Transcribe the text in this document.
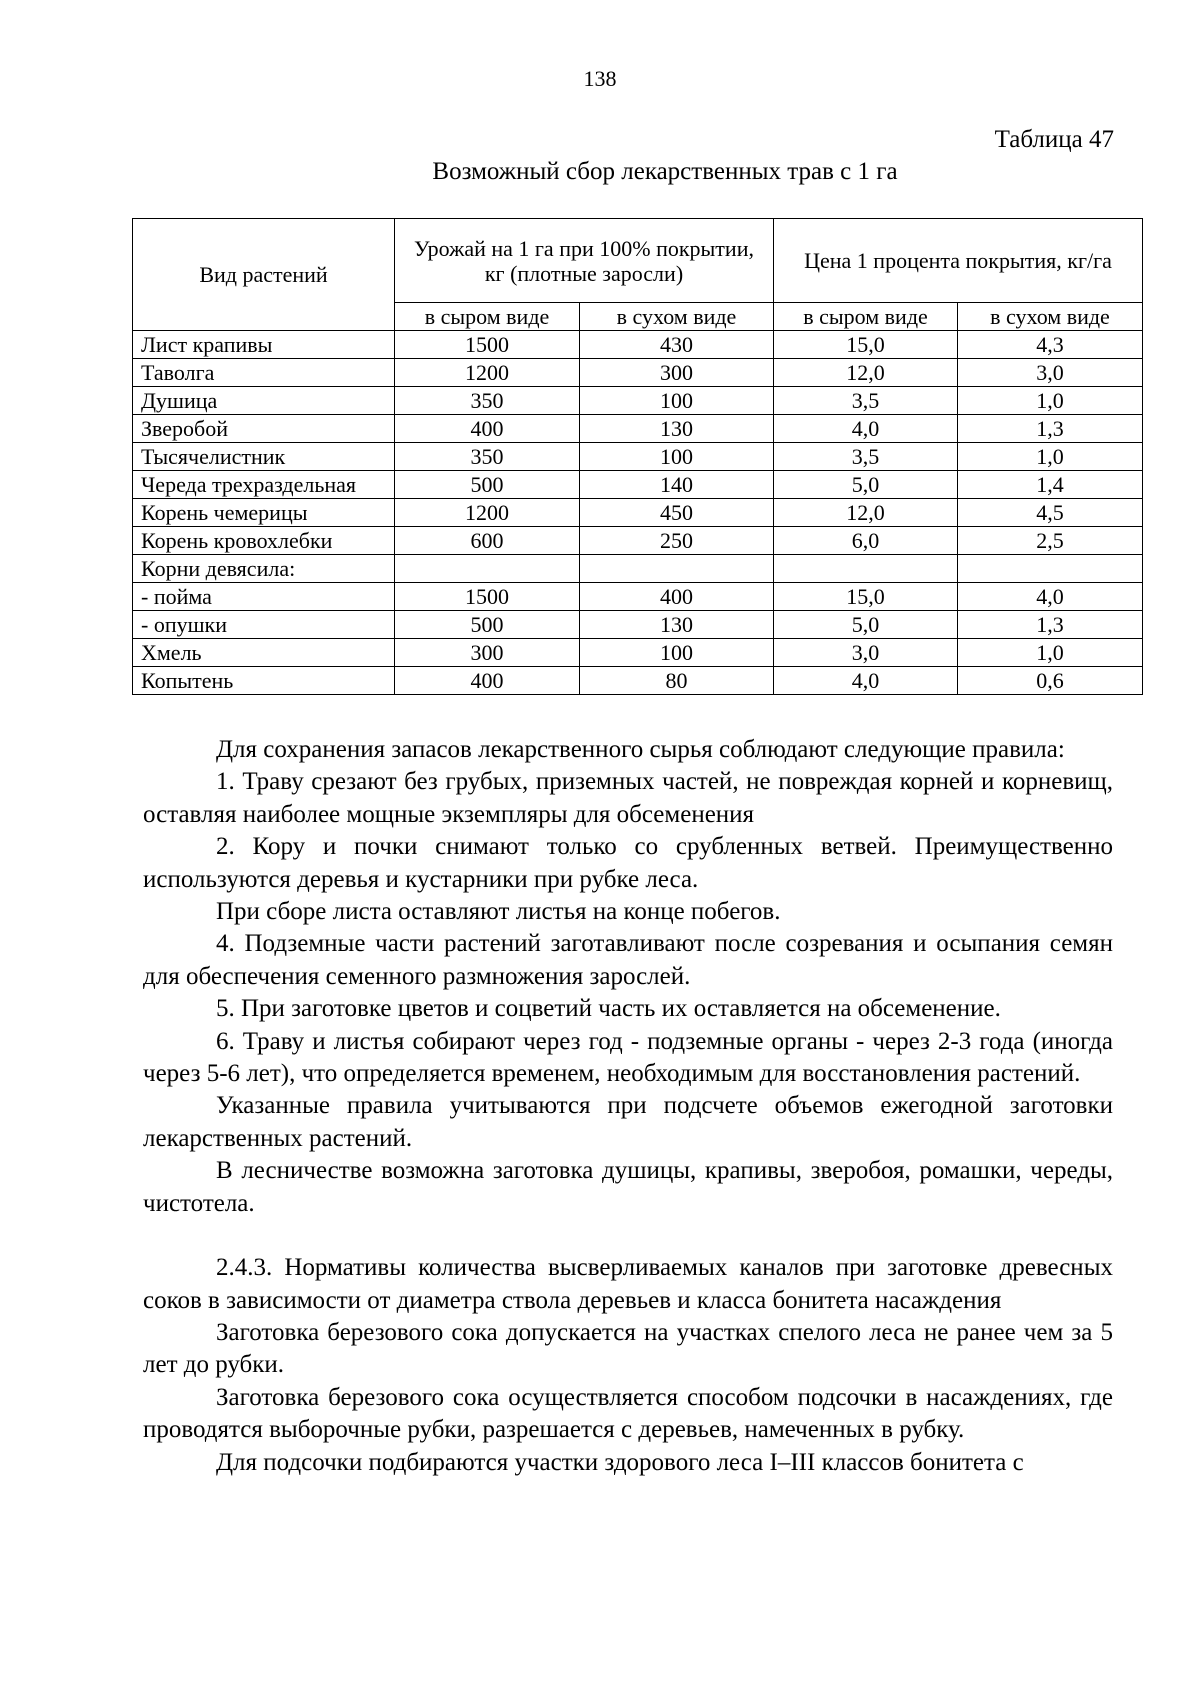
138
Таблица 47
Возможный сбор лекарственных трав с 1 га
Вид растений	Урожай на 1 га при 100% покрытии, кг (плотные заросли)		Цена 1 процента покрытия, кг/га	
	в сыром виде	в сухом виде	в сыром виде	в сухом виде
Лист крапивы	1500	430	15,0	4,3
Таволга	1200	300	12,0	3,0
Душица	350	100	3,5	1,0
Зверобой	400	130	4,0	1,3
Тысячелистник	350	100	3,5	1,0
Череда трехраздельная	500	140	5,0	1,4
Корень чемерицы	1200	450	12,0	4,5
Корень кровохлебки	600	250	6,0	2,5
Корни девясила:				
- пойма	1500	400	15,0	4,0
- опушки	500	130	5,0	1,3
Хмель	300	100	3,0	1,0
Копытень	400	80	4,0	0,6

Для сохранения запасов лекарственного сырья соблюдают следующие правила:

1. Траву срезают без грубых, приземных частей, не повреждая корней и корневищ, оставляя наиболее мощные экземпляры для обсеменения

2. Кору и почки снимают только со срубленных ветвей. Преимущественно используются деревья и кустарники при рубке леса.

При сборе листа оставляют листья на конце побегов.

4. Подземные части растений заготавливают после созревания и осыпания семян для обеспечения семенного размножения зарослей.

5. При заготовке цветов и соцветий часть их оставляется на обсеменение.

6. Траву и листья собирают через год - подземные органы - через 2-3 года (иногда через 5-6 лет), что определяется временем, необходимым для восстановления растений.

Указанные правила учитываются при подсчете объемов ежегодной заготовки лекарственных растений.

В лесничестве возможна заготовка душицы, крапивы, зверобоя, ромашки, череды, чистотела.

2.4.3. Нормативы количества высверливаемых каналов при заготовке древесных соков в зависимости от диаметра ствола деревьев и класса бонитета насаждения

Заготовка березового сока допускается на участках спелого леса не ранее чем за 5 лет до рубки.

Заготовка березового сока осуществляется способом подсочки в насаждениях, где проводятся выборочные рубки, разрешается с деревьев, намеченных в рубку.

Для подсочки подбираются участки здорового леса I–III классов бонитета с
